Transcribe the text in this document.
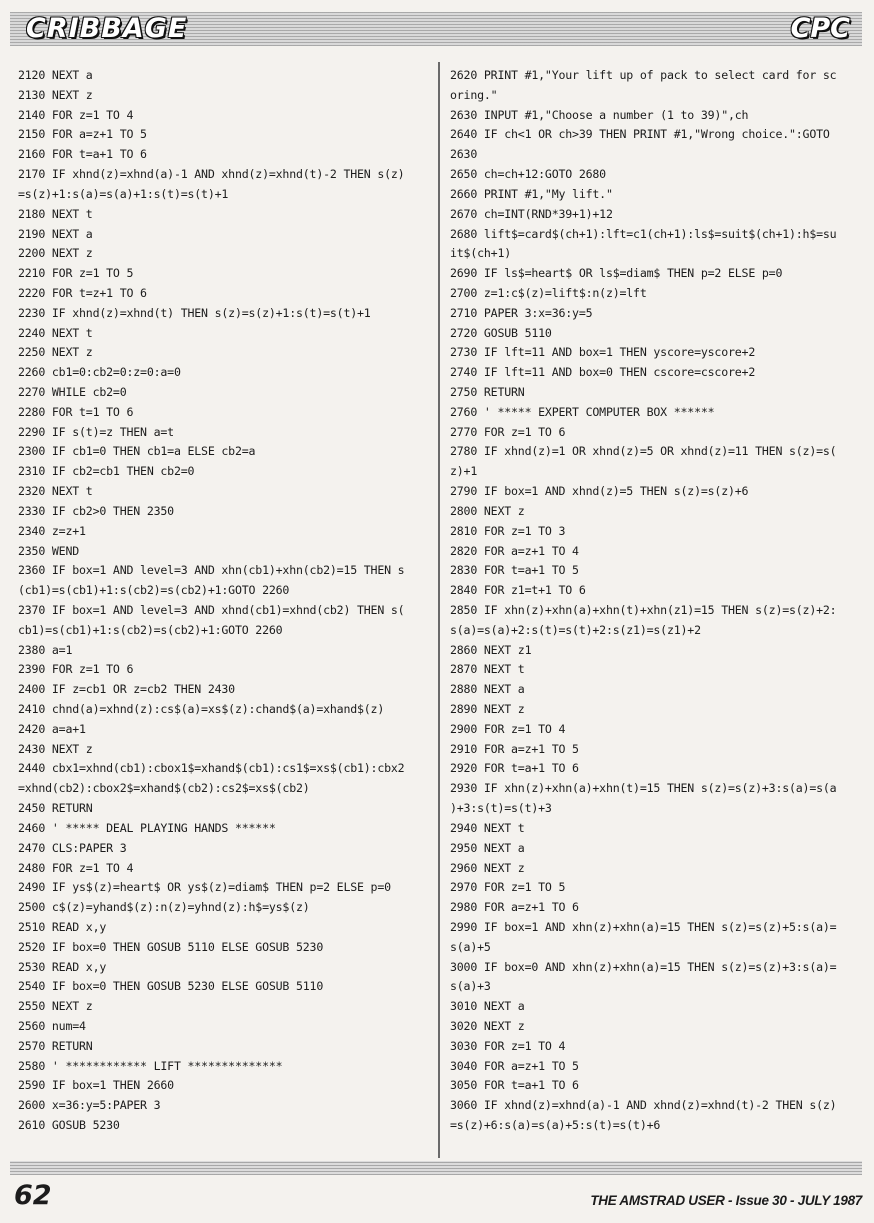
CRIBBAGE	CPC
2120 NEXT a
2130 NEXT z
2140 FOR z=1 TO 4
2150 FOR a=z+1 TO 5
2160 FOR t=a+1 TO 6
2170 IF xhnd(z)=xhnd(a)-1 AND xhnd(z)=xhnd(t)-2 THEN s(z)
=s(z)+1:s(a)=s(a)+1:s(t)=s(t)+1
2180 NEXT t
2190 NEXT a
2200 NEXT z
2210 FOR z=1 TO 5
2220 FOR t=z+1 TO 6
2230 IF xhnd(z)=xhnd(t) THEN s(z)=s(z)+1:s(t)=s(t)+1
2240 NEXT t
2250 NEXT z
2260 cb1=0:cb2=0:z=0:a=0
2270 WHILE cb2=0
2280 FOR t=1 TO 6
2290 IF s(t)=z THEN a=t
2300 IF cb1=0 THEN cb1=a ELSE cb2=a
2310 IF cb2=cb1 THEN cb2=0
2320 NEXT t
2330 IF cb2>0 THEN 2350
2340 z=z+1
2350 WEND
2360 IF box=1 AND level=3 AND xhn(cb1)+xhn(cb2)=15 THEN s
(cb1)=s(cb1)+1:s(cb2)=s(cb2)+1:GOTO 2260
2370 IF box=1 AND level=3 AND xhnd(cb1)=xhnd(cb2) THEN s(
cb1)=s(cb1)+1:s(cb2)=s(cb2)+1:GOTO 2260
2380 a=1
2390 FOR z=1 TO 6
2400 IF z=cb1 OR z=cb2 THEN 2430
2410 chnd(a)=xhnd(z):cs$(a)=xs$(z):chand$(a)=xhand$(z)
2420 a=a+1
2430 NEXT z
2440 cbx1=xhnd(cb1):cbox1$=xhand$(cb1):cs1$=xs$(cb1):cbx2
=xhnd(cb2):cbox2$=xhand$(cb2):cs2$=xs$(cb2)
2450 RETURN
2460 ' ***** DEAL PLAYING HANDS ******
2470 CLS:PAPER 3
2480 FOR z=1 TO 4
2490 IF ys$(z)=heart$ OR ys$(z)=diam$ THEN p=2 ELSE p=0
2500 c$(z)=yhand$(z):n(z)=yhnd(z):h$=ys$(z)
2510 READ x,y
2520 IF box=0 THEN GOSUB 5110 ELSE GOSUB 5230
2530 READ x,y
2540 IF box=0 THEN GOSUB 5230 ELSE GOSUB 5110
2550 NEXT z
2560 num=4
2570 RETURN
2580 ' ************ LIFT **************
2590 IF box=1 THEN 2660
2600 x=36:y=5:PAPER 3
2610 GOSUB 5230
2620 PRINT #1,"Your lift up of pack to select card for sc
oring."
2630 INPUT #1,"Choose a number (1 to 39)",ch
2640 IF ch<1 OR ch>39 THEN PRINT #1,"Wrong choice.":GOTO
2630
2650 ch=ch+12:GOTO 2680
2660 PRINT #1,"My lift."
2670 ch=INT(RND*39+1)+12
2680 lift$=card$(ch+1):lft=c1(ch+1):ls$=suit$(ch+1):h$=su
it$(ch+1)
2690 IF ls$=heart$ OR ls$=diam$ THEN p=2 ELSE p=0
2700 z=1:c$(z)=lift$:n(z)=lft
2710 PAPER 3:x=36:y=5
2720 GOSUB 5110
2730 IF lft=11 AND box=1 THEN yscore=yscore+2
2740 IF lft=11 AND box=0 THEN cscore=cscore+2
2750 RETURN
2760 ' ***** EXPERT COMPUTER BOX ******
2770 FOR z=1 TO 6
2780 IF xhnd(z)=1 OR xhnd(z)=5 OR xhnd(z)=11 THEN s(z)=s(
z)+1
2790 IF box=1 AND xhnd(z)=5 THEN s(z)=s(z)+6
2800 NEXT z
2810 FOR z=1 TO 3
2820 FOR a=z+1 TO 4
2830 FOR t=a+1 TO 5
2840 FOR z1=t+1 TO 6
2850 IF xhn(z)+xhn(a)+xhn(t)+xhn(z1)=15 THEN s(z)=s(z)+2:
s(a)=s(a)+2:s(t)=s(t)+2:s(z1)=s(z1)+2
2860 NEXT z1
2870 NEXT t
2880 NEXT a
2890 NEXT z
2900 FOR z=1 TO 4
2910 FOR a=z+1 TO 5
2920 FOR t=a+1 TO 6
2930 IF xhn(z)+xhn(a)+xhn(t)=15 THEN s(z)=s(z)+3:s(a)=s(a
)+3:s(t)=s(t)+3
2940 NEXT t
2950 NEXT a
2960 NEXT z
2970 FOR z=1 TO 5
2980 FOR a=z+1 TO 6
2990 IF box=1 AND xhn(z)+xhn(a)=15 THEN s(z)=s(z)+5:s(a)=
s(a)+5
3000 IF box=0 AND xhn(z)+xhn(a)=15 THEN s(z)=s(z)+3:s(a)=
s(a)+3
3010 NEXT a
3020 NEXT z
3030 FOR z=1 TO 4
3040 FOR a=z+1 TO 5
3050 FOR t=a+1 TO 6
3060 IF xhnd(z)=xhnd(a)-1 AND xhnd(z)=xhnd(t)-2 THEN s(z)
=s(z)+6:s(a)=s(a)+5:s(t)=s(t)+6
62	THE AMSTRAD USER - Issue 30 - JULY 1987
